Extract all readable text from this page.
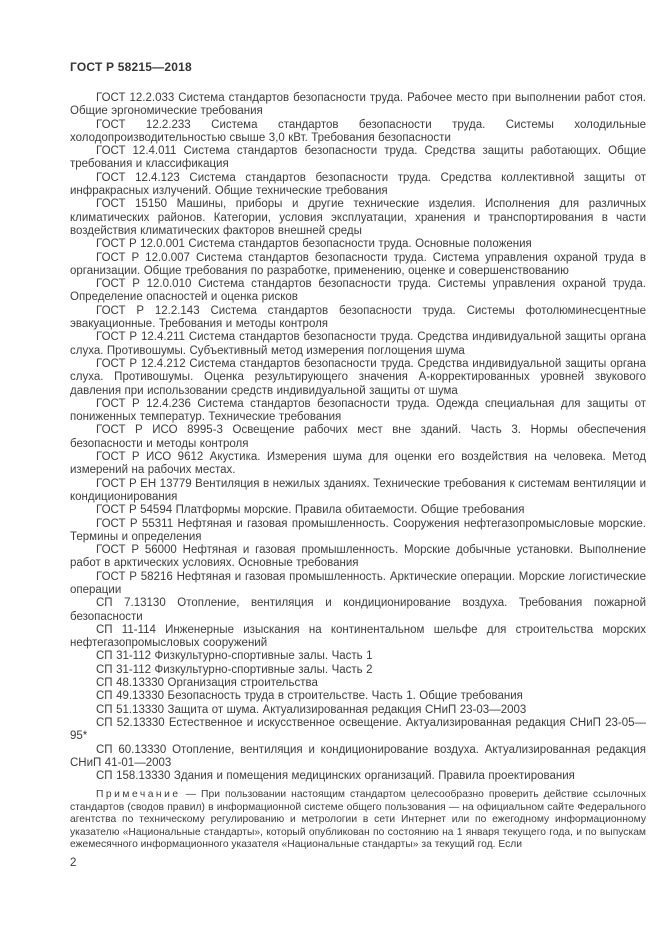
ГОСТ Р 58215—2018

ГОСТ 12.2.033 Система стандартов безопасности труда. Рабочее место при выполнении работ стоя. Общие эргономические требования

ГОСТ 12.2.233 Система стандартов безопасности труда. Системы холодильные холодопроизводительностью свыше 3,0 кВт. Требования безопасности

ГОСТ 12.4.011 Система стандартов безопасности труда. Средства защиты работающих. Общие требования и классификация

ГОСТ 12.4.123 Система стандартов безопасности труда. Средства коллективной защиты от инфракрасных излучений. Общие технические требования

ГОСТ 15150 Машины, приборы и другие технические изделия. Исполнения для различных климатических районов. Категории, условия эксплуатации, хранения и транспортирования в части воздействия климатических факторов внешней среды

ГОСТ Р 12.0.001 Система стандартов безопасности труда. Основные положения

ГОСТ Р 12.0.007 Система стандартов безопасности труда. Система управления охраной труда в организации. Общие требования по разработке, применению, оценке и совершенствованию

ГОСТ Р 12.0.010 Система стандартов безопасности труда. Системы управления охраной труда. Определение опасностей и оценка рисков

ГОСТ Р 12.2.143 Система стандартов безопасности труда. Системы фотолюминесцентные эвакуационные. Требования и методы контроля

ГОСТ Р 12.4.211 Система стандартов безопасности труда. Средства индивидуальной защиты органа слуха. Противошумы. Субъективный метод измерения поглощения шума

ГОСТ Р 12.4.212 Система стандартов безопасности труда. Средства индивидуальной защиты органа слуха. Противошумы. Оценка результирующего значения А-корректированных уровней звукового давления при использовании средств индивидуальной защиты от шума

ГОСТ Р 12.4.236 Система стандартов безопасности труда. Одежда специальная для защиты от пониженных температур. Технические требования

ГОСТ Р ИСО 8995-3 Освещение рабочих мест вне зданий. Часть 3. Нормы обеспечения безопасности и методы контроля

ГОСТ Р ИСО 9612 Акустика. Измерения шума для оценки его воздействия на человека. Метод измерений на рабочих местах.

ГОСТ Р ЕН 13779 Вентиляция в нежилых зданиях. Технические требования к системам вентиляции и кондиционирования

ГОСТ Р 54594 Платформы морские. Правила обитаемости. Общие требования

ГОСТ Р 55311 Нефтяная и газовая промышленность. Сооружения нефтегазопромысловые морские. Термины и определения

ГОСТ Р 56000 Нефтяная и газовая промышленность. Морские добычные установки. Выполнение работ в арктических условиях. Основные требования

ГОСТ Р 58216 Нефтяная и газовая промышленность. Арктические операции. Морские логистические операции

СП 7.13130 Отопление, вентиляция и кондиционирование воздуха. Требования пожарной безопасности

СП 11-114 Инженерные изыскания на континентальном шельфе для строительства морских нефтегазопромысловых сооружений

СП 31-112 Физкультурно-спортивные залы. Часть 1

СП 31-112 Физкультурно-спортивные залы. Часть 2

СП 48.13330 Организация строительства

СП 49.13330 Безопасность труда в строительстве. Часть 1. Общие требования

СП 51.13330 Защита от шума. Актуализированная редакция СНиП 23-03—2003

СП 52.13330 Естественное и искусственное освещение. Актуализированная редакция СНиП 23-05—95*

СП 60.13330 Отопление, вентиляция и кондиционирование воздуха. Актуализированная редакция СНиП 41-01—2003

СП 158.13330 Здания и помещения медицинских организаций. Правила проектирования

Примечание — При пользовании настоящим стандартом целесообразно проверить действие ссылочных стандартов (сводов правил) в информационной системе общего пользования — на официальном сайте Федерального агентства по техническому регулированию и метрологии в сети Интернет или по ежегодному информационному указателю «Национальные стандарты», который опубликован по состоянию на 1 января текущего года, и по выпускам ежемесячного информационного указателя «Национальные стандарты» за текущий год. Если

2
